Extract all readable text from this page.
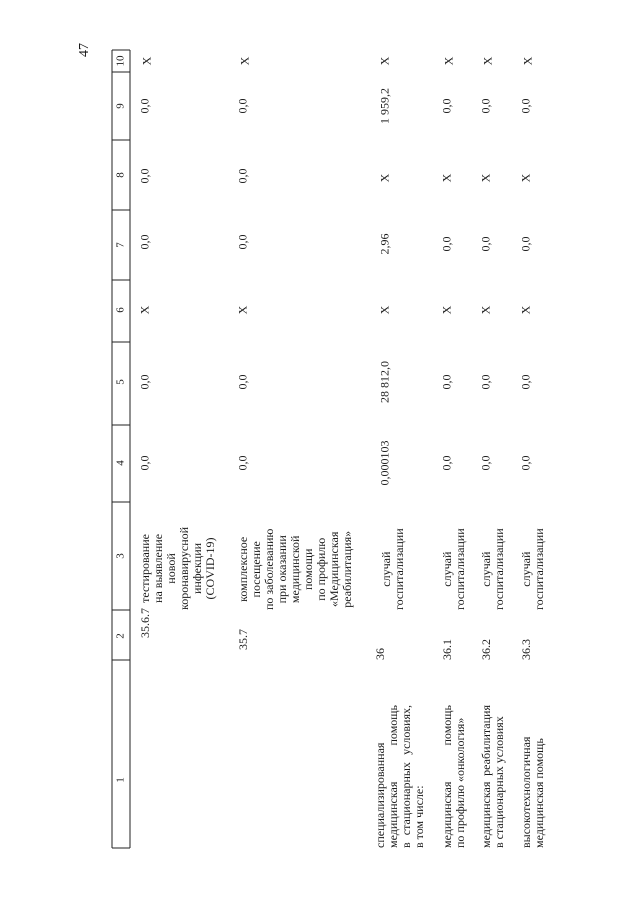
47
1
2
3
4
5
6
7
8
9
10
35.6.7
тестирование на выявление новой коронавирусной инфекции (COVID-19)
0,0
0,0
X
0,0
0,0
0,0
X
35.7
комплексное посещение по заболеванию при оказании медицинской помощи по профилю «Медицинская реабилитация»
0,0
0,0
X
0,0
0,0
0,0
X
специализированная медицинская
помощь
в
стационарных
условиях,
в том числе:
36
случай госпитализации
0,000103
28 812,0
X
2,96
X
1 959,2
X
медицинская
помощь по профилю «онкология»
36.1
случай госпитализации
0,0
0,0
X
0,0
X
0,0
X
медицинская
реабилитация в стационарных условиях
36.2
случай госпитализации
0,0
0,0
X
0,0
X
0,0
X
высокотехнологичная медицинская помощь
36.3
случай госпитализации
0,0
0,0
X
0,0
X
0,0
X
